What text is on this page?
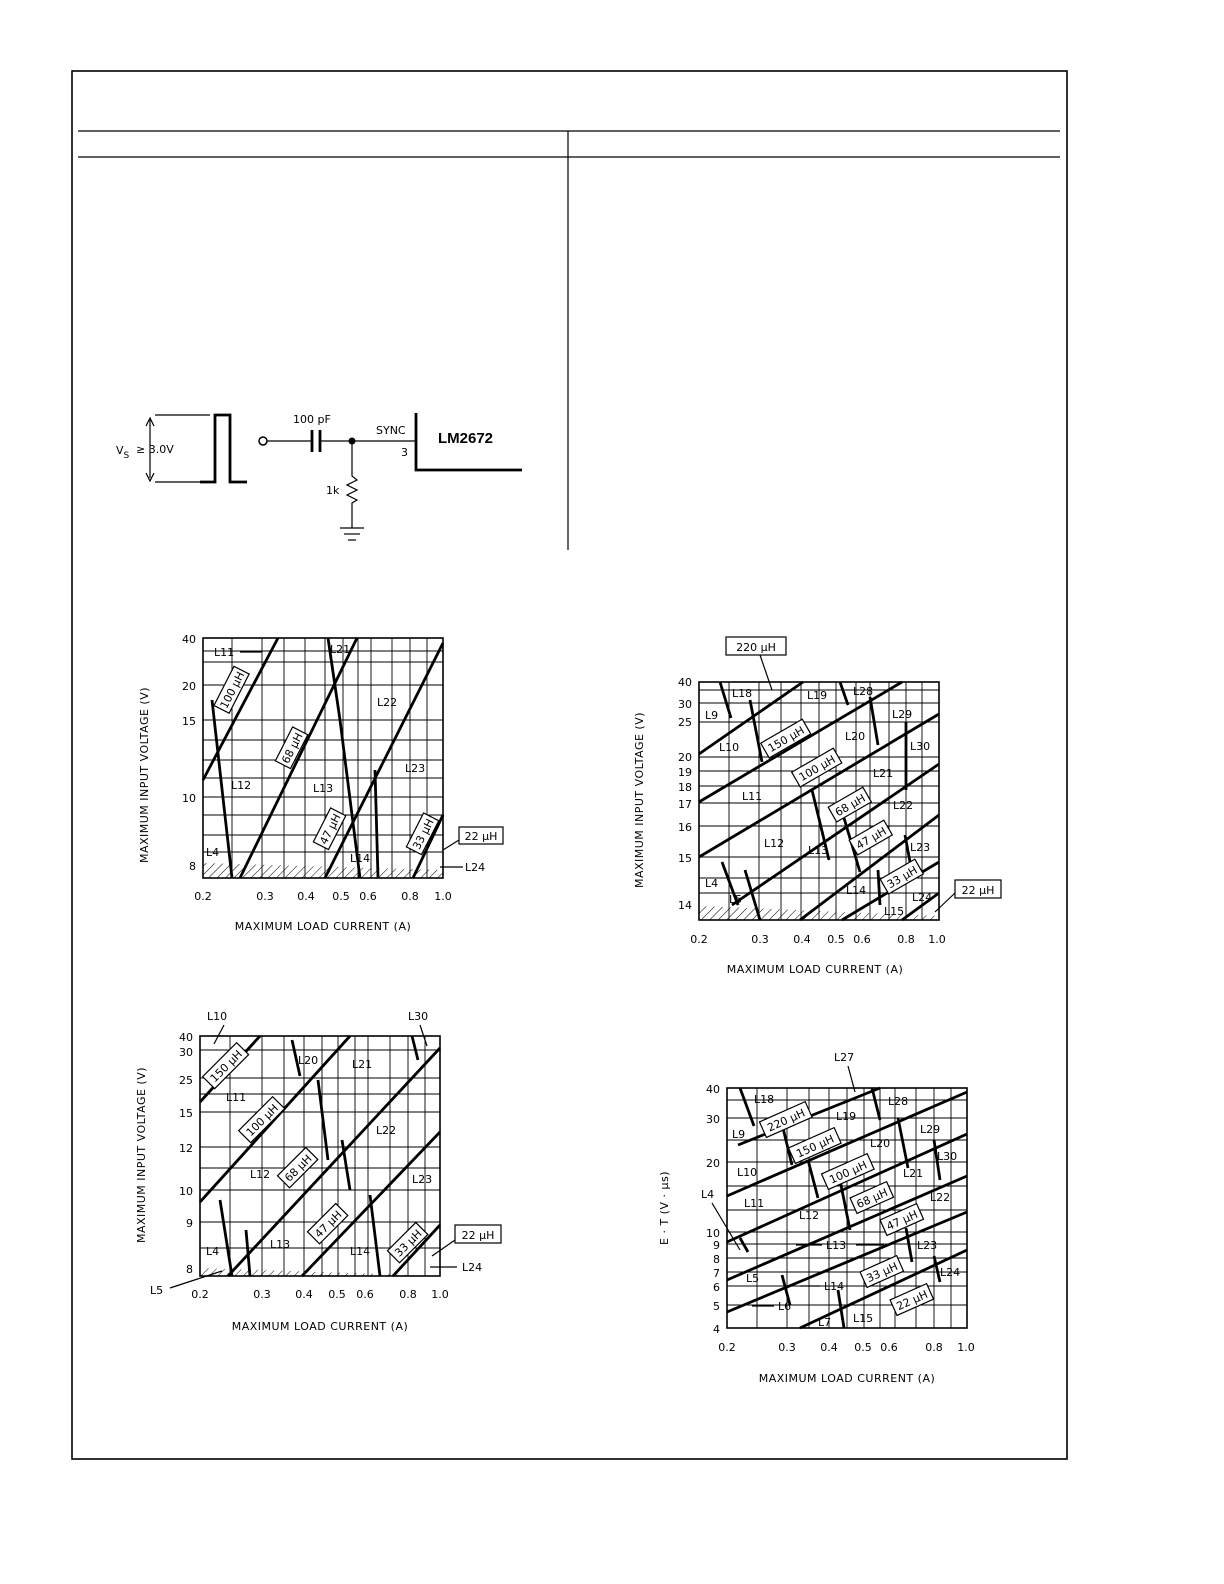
$V_S \ge 3.0V$
100 pF
1k
SYNC
3
LM2672
L11	L21
L22
L12	L13
L23
L4	L14
L24
100 µH
68 µH
47 µH	33 µH	22 µH
40
20
15
10
8
0.2	0.3 0.4 0.5 0.6 0.8 1.0
MAXIMUM LOAD CURRENT (A)
MAXIMUM INPUT VOLTAGE (V)	L18	L19 L28
L9	L29
L10
L20
L30
L21
L11
L22
L12
L13	L23
L4
L14
L5	L24
L15
220 µH
150 µH
100 µH
68 µH
47 µH
33 µH	22 µH
40
30
25
20
19
18
17
16
15
14
0.2	0.3 0.4 0.5 0.6 0.8 1.0
MAXIMUM LOAD CURRENT (A)
MAXIMUM INPUT VOLTAGE (V)
L10	L30
L20	L21
L11
L22
L12	L23
L4
L13
L14
L5
L24
150 µH
100 µH
68 µH
47 µH
33 µH	22 µH
40
30
25
15
12
10
9
8
0.2	0.3 0.4 0.5 0.6 0.8 1.0
MAXIMUM LOAD CURRENT (A)
MAXIMUM INPUT VOLTAGE (V)
L27
L18	L28
L19
L9	L29
L20
L30
L10	L21
L4
L11	L22
L12
L13	L23
L5
L14
L24
L6
L7 L15
220 µH
150 µH
100 µH
68 µH
47 µH
33 µH
22 µH
40
30
20
10
9
8
7
6
5
4
0.2	0.3 0.4 0.5 0.6	0.8 1.0
MAXIMUM LOAD CURRENT (A)
E · T (V · µs)
